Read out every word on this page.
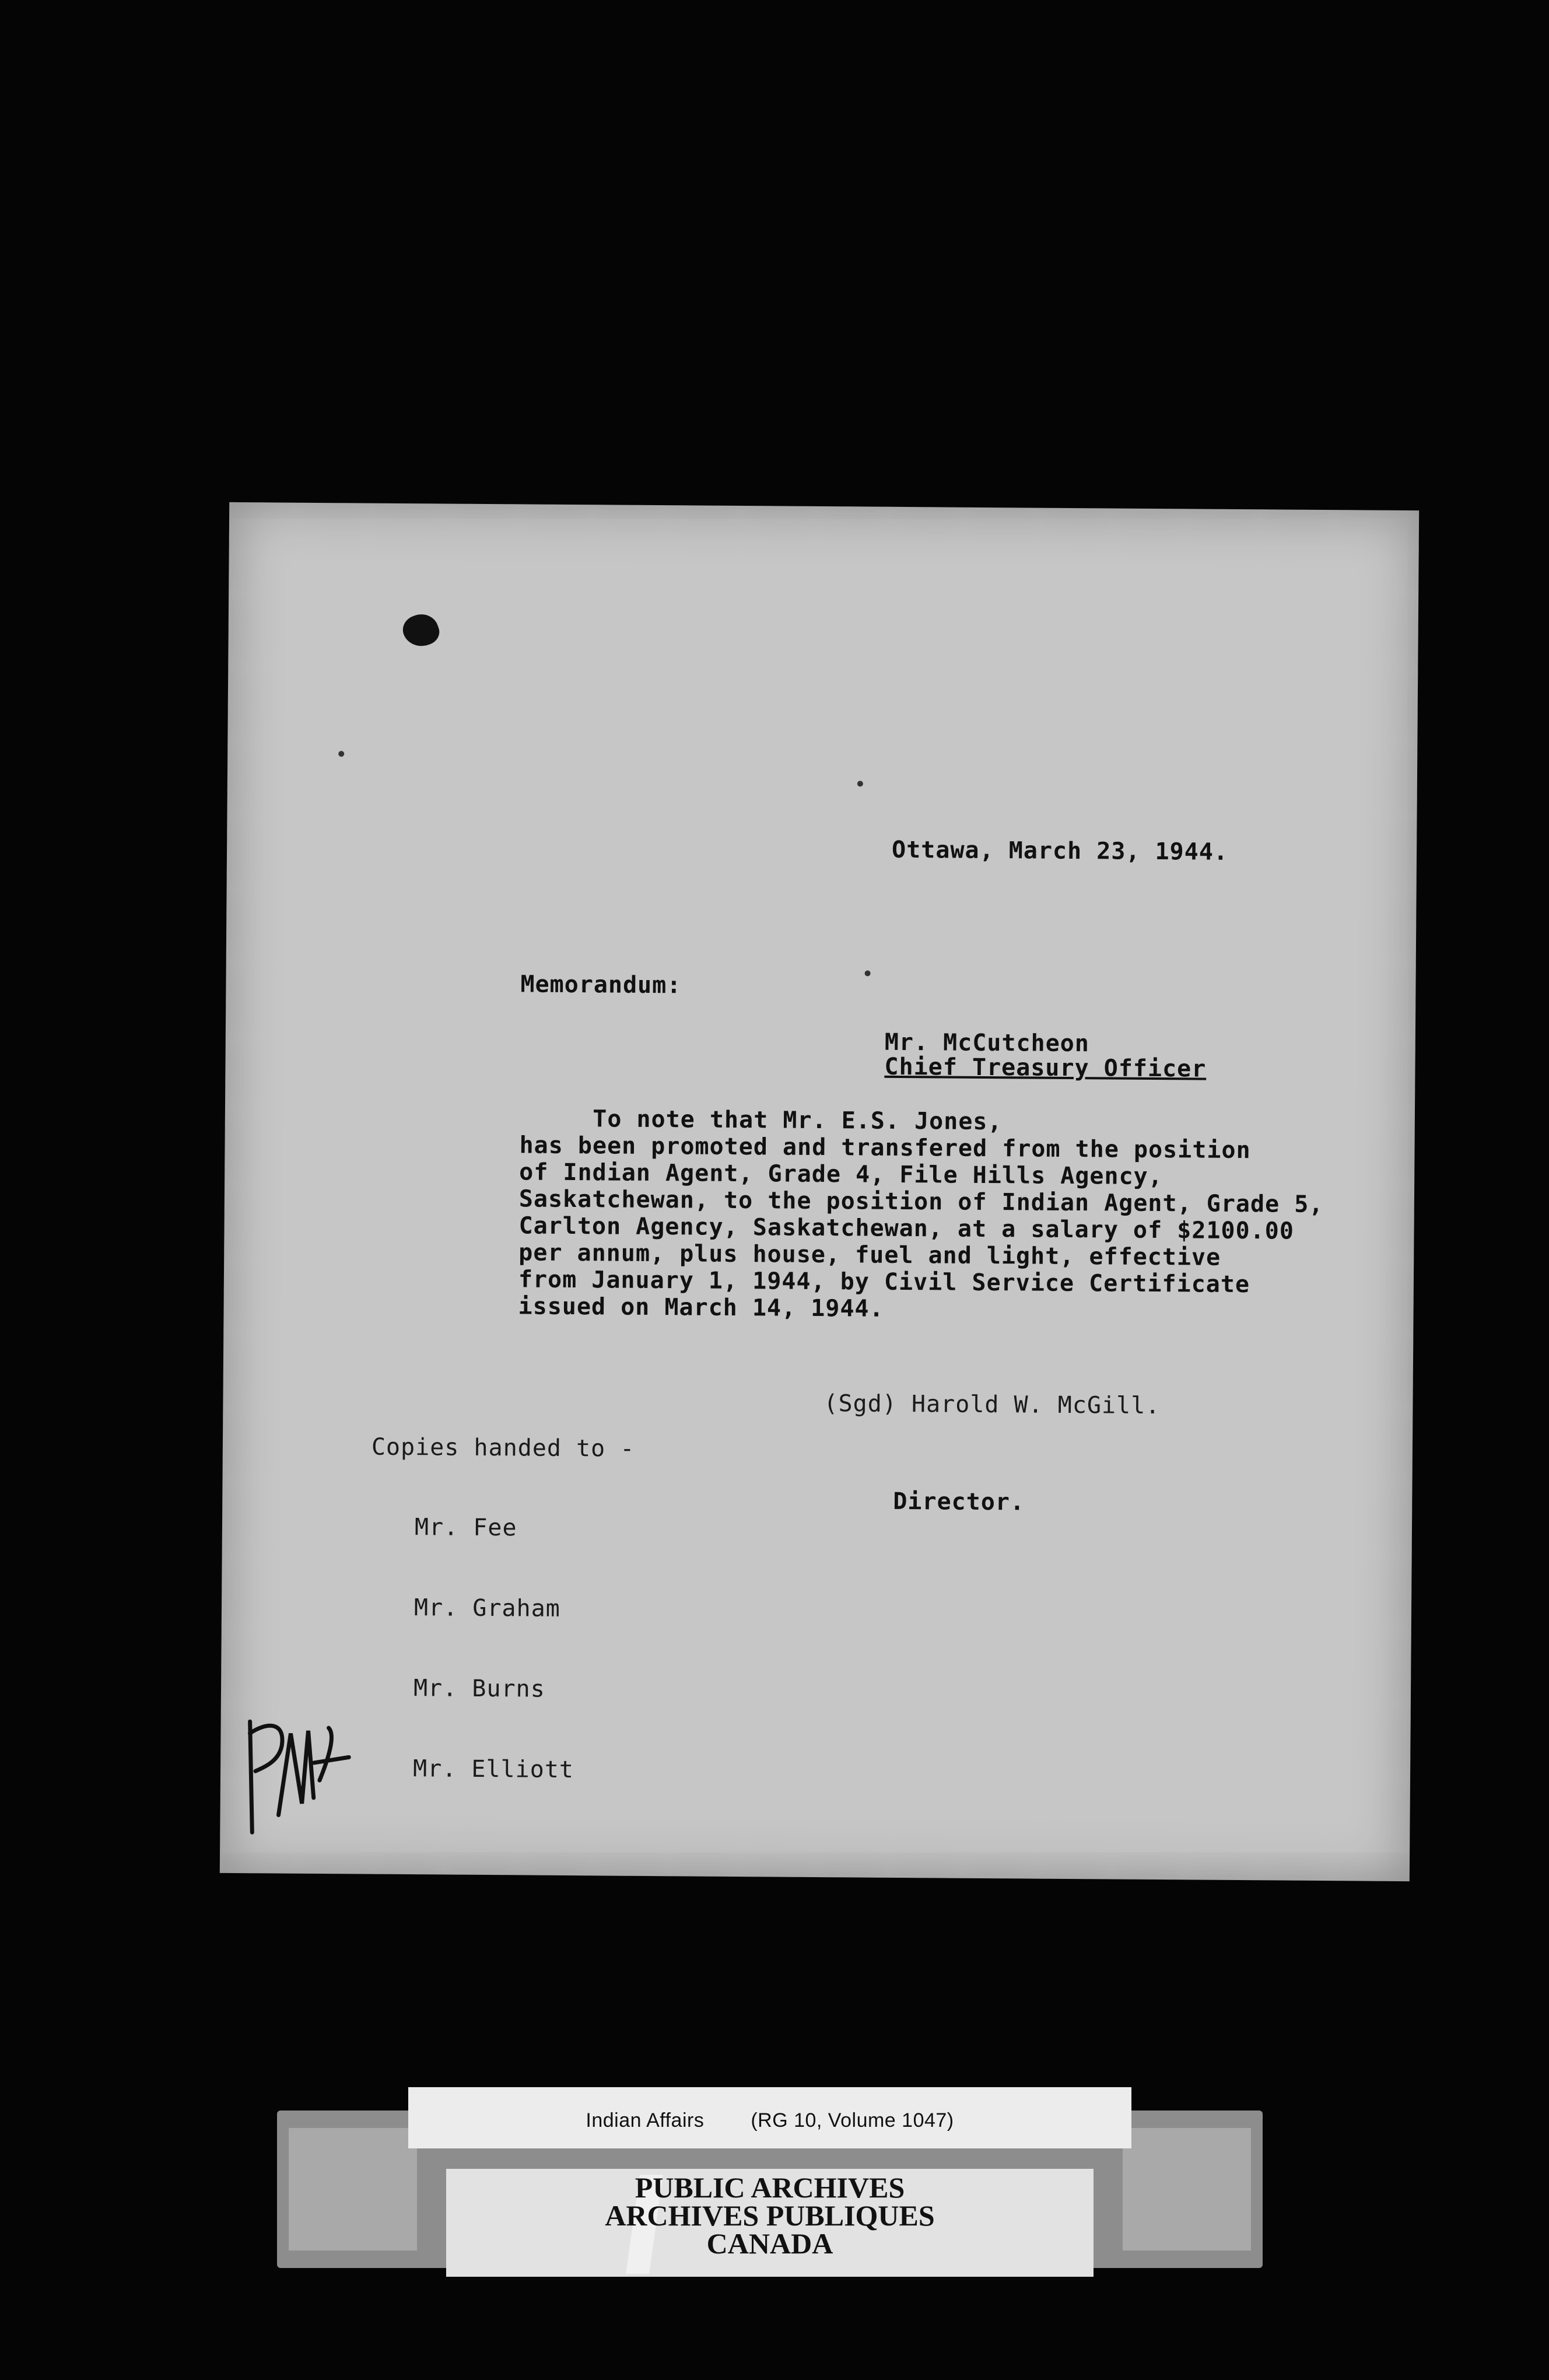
Ottawa, March 23, 1944.
Memorandum:
Mr. McCutcheon
Chief Treasury Officer
To note that Mr. E.S. Jones,
has been promoted and transfered from the position
of Indian Agent, Grade 4, File Hills Agency,
Saskatchewan, to the position of Indian Agent, Grade 5,
Carlton Agency, Saskatchewan, at a salary of $2100.00
per annum, plus house, fuel and light, effective
from January 1, 1944, by Civil Service Certificate
issued on March 14, 1944.
(Sgd) Harold W. McGill.
Director.
Copies handed to -

Mr. Fee

Mr. Graham

Mr. Burns

Mr. Elliott

Indian Affairs (RG 10, Volume 1047)
PUBLIC ARCHIVES
ARCHIVES PUBLIQUES
CANADA
